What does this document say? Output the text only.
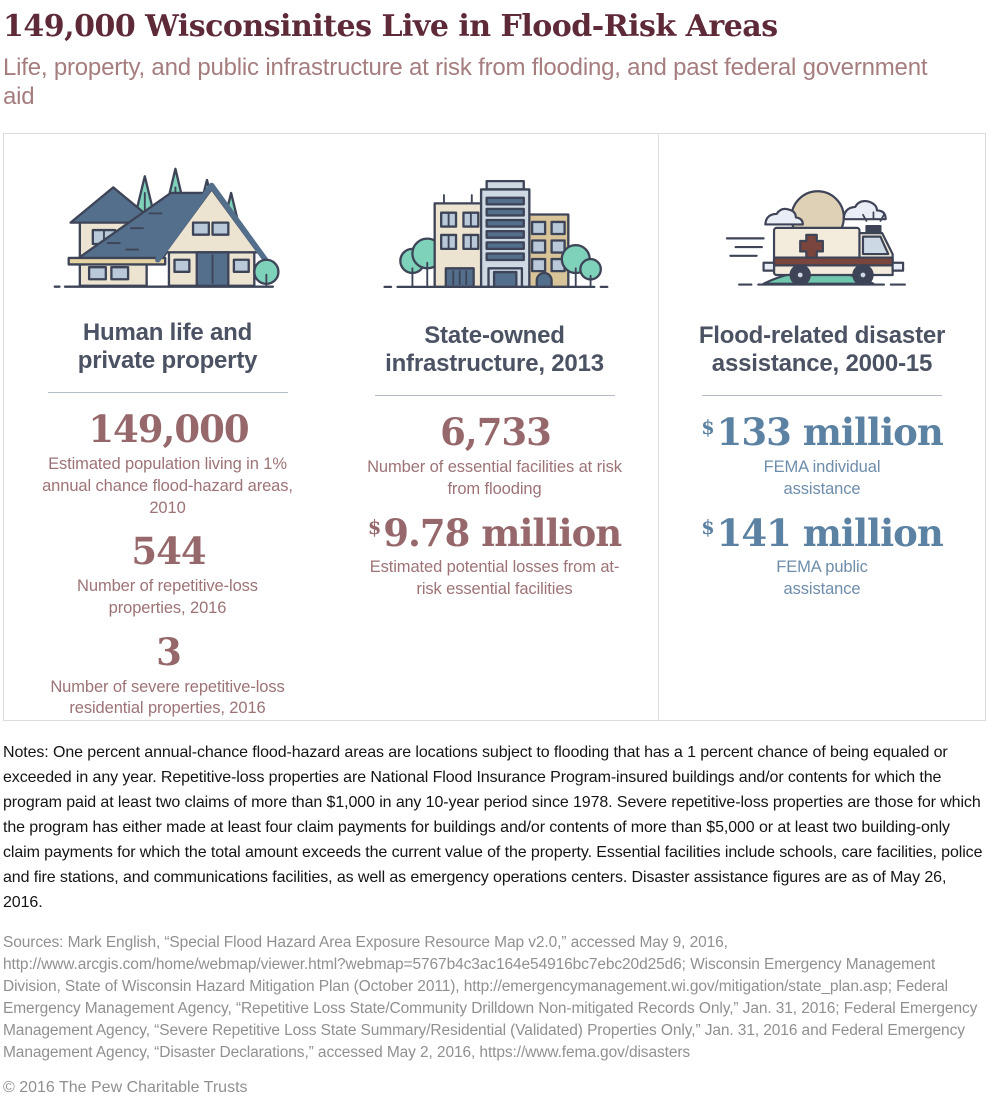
149,000 Wisconsinites Live in Flood-Risk Areas
Life, property, and public infrastructure at risk from flooding, and past federal government aid
Human life and
private property
149,000
Estimated population living in 1% annual chance flood-hazard areas, 2010
544
Number of repetitive-loss properties, 2016
3
Number of severe repetitive-loss residential properties, 2016
State-owned
infrastructure, 2013
6,733
Number of essential facilities at risk from flooding
$9.78 million
Estimated potential losses from at-risk essential facilities
Flood-related disaster
assistance, 2000-15
$133 million
FEMA individual assistance
$141 million
FEMA public assistance

Notes: One percent annual-chance flood-hazard areas are locations subject to flooding that has a 1 percent chance of being equaled or exceeded in any year. Repetitive-loss properties are National Flood Insurance Program-insured buildings and/or contents for which the program paid at least two claims of more than $1,000 in any 10-year period since 1978. Severe repetitive-loss properties are those for which the program has either made at least four claim payments for buildings and/or contents of more than $5,000 or at least two building-only claim payments for which the total amount exceeds the current value of the property. Essential facilities include schools, care facilities, police and fire stations, and communications facilities, as well as emergency operations centers. Disaster assistance figures are as of May 26, 2016.

Sources: Mark English, “Special Flood Hazard Area Exposure Resource Map v2.0,” accessed May 9, 2016, http://www.arcgis.com/home/webmap/viewer.html?webmap=5767b4c3ac164e54916bc7ebc20d25d6; Wisconsin Emergency Management Division, State of Wisconsin Hazard Mitigation Plan (October 2011), http://emergencymanagement.wi.gov/mitigation/state_plan.asp; Federal Emergency Management Agency, “Repetitive Loss State/Community Drilldown Non-mitigated Records Only,” Jan. 31, 2016; Federal Emergency Management Agency, “Severe Repetitive Loss State Summary/Residential (Validated) Properties Only,” Jan. 31, 2016 and Federal Emergency Management Agency, “Disaster Declarations,” accessed May 2, 2016, https://www.fema.gov/disasters

© 2016 The Pew Charitable Trusts
